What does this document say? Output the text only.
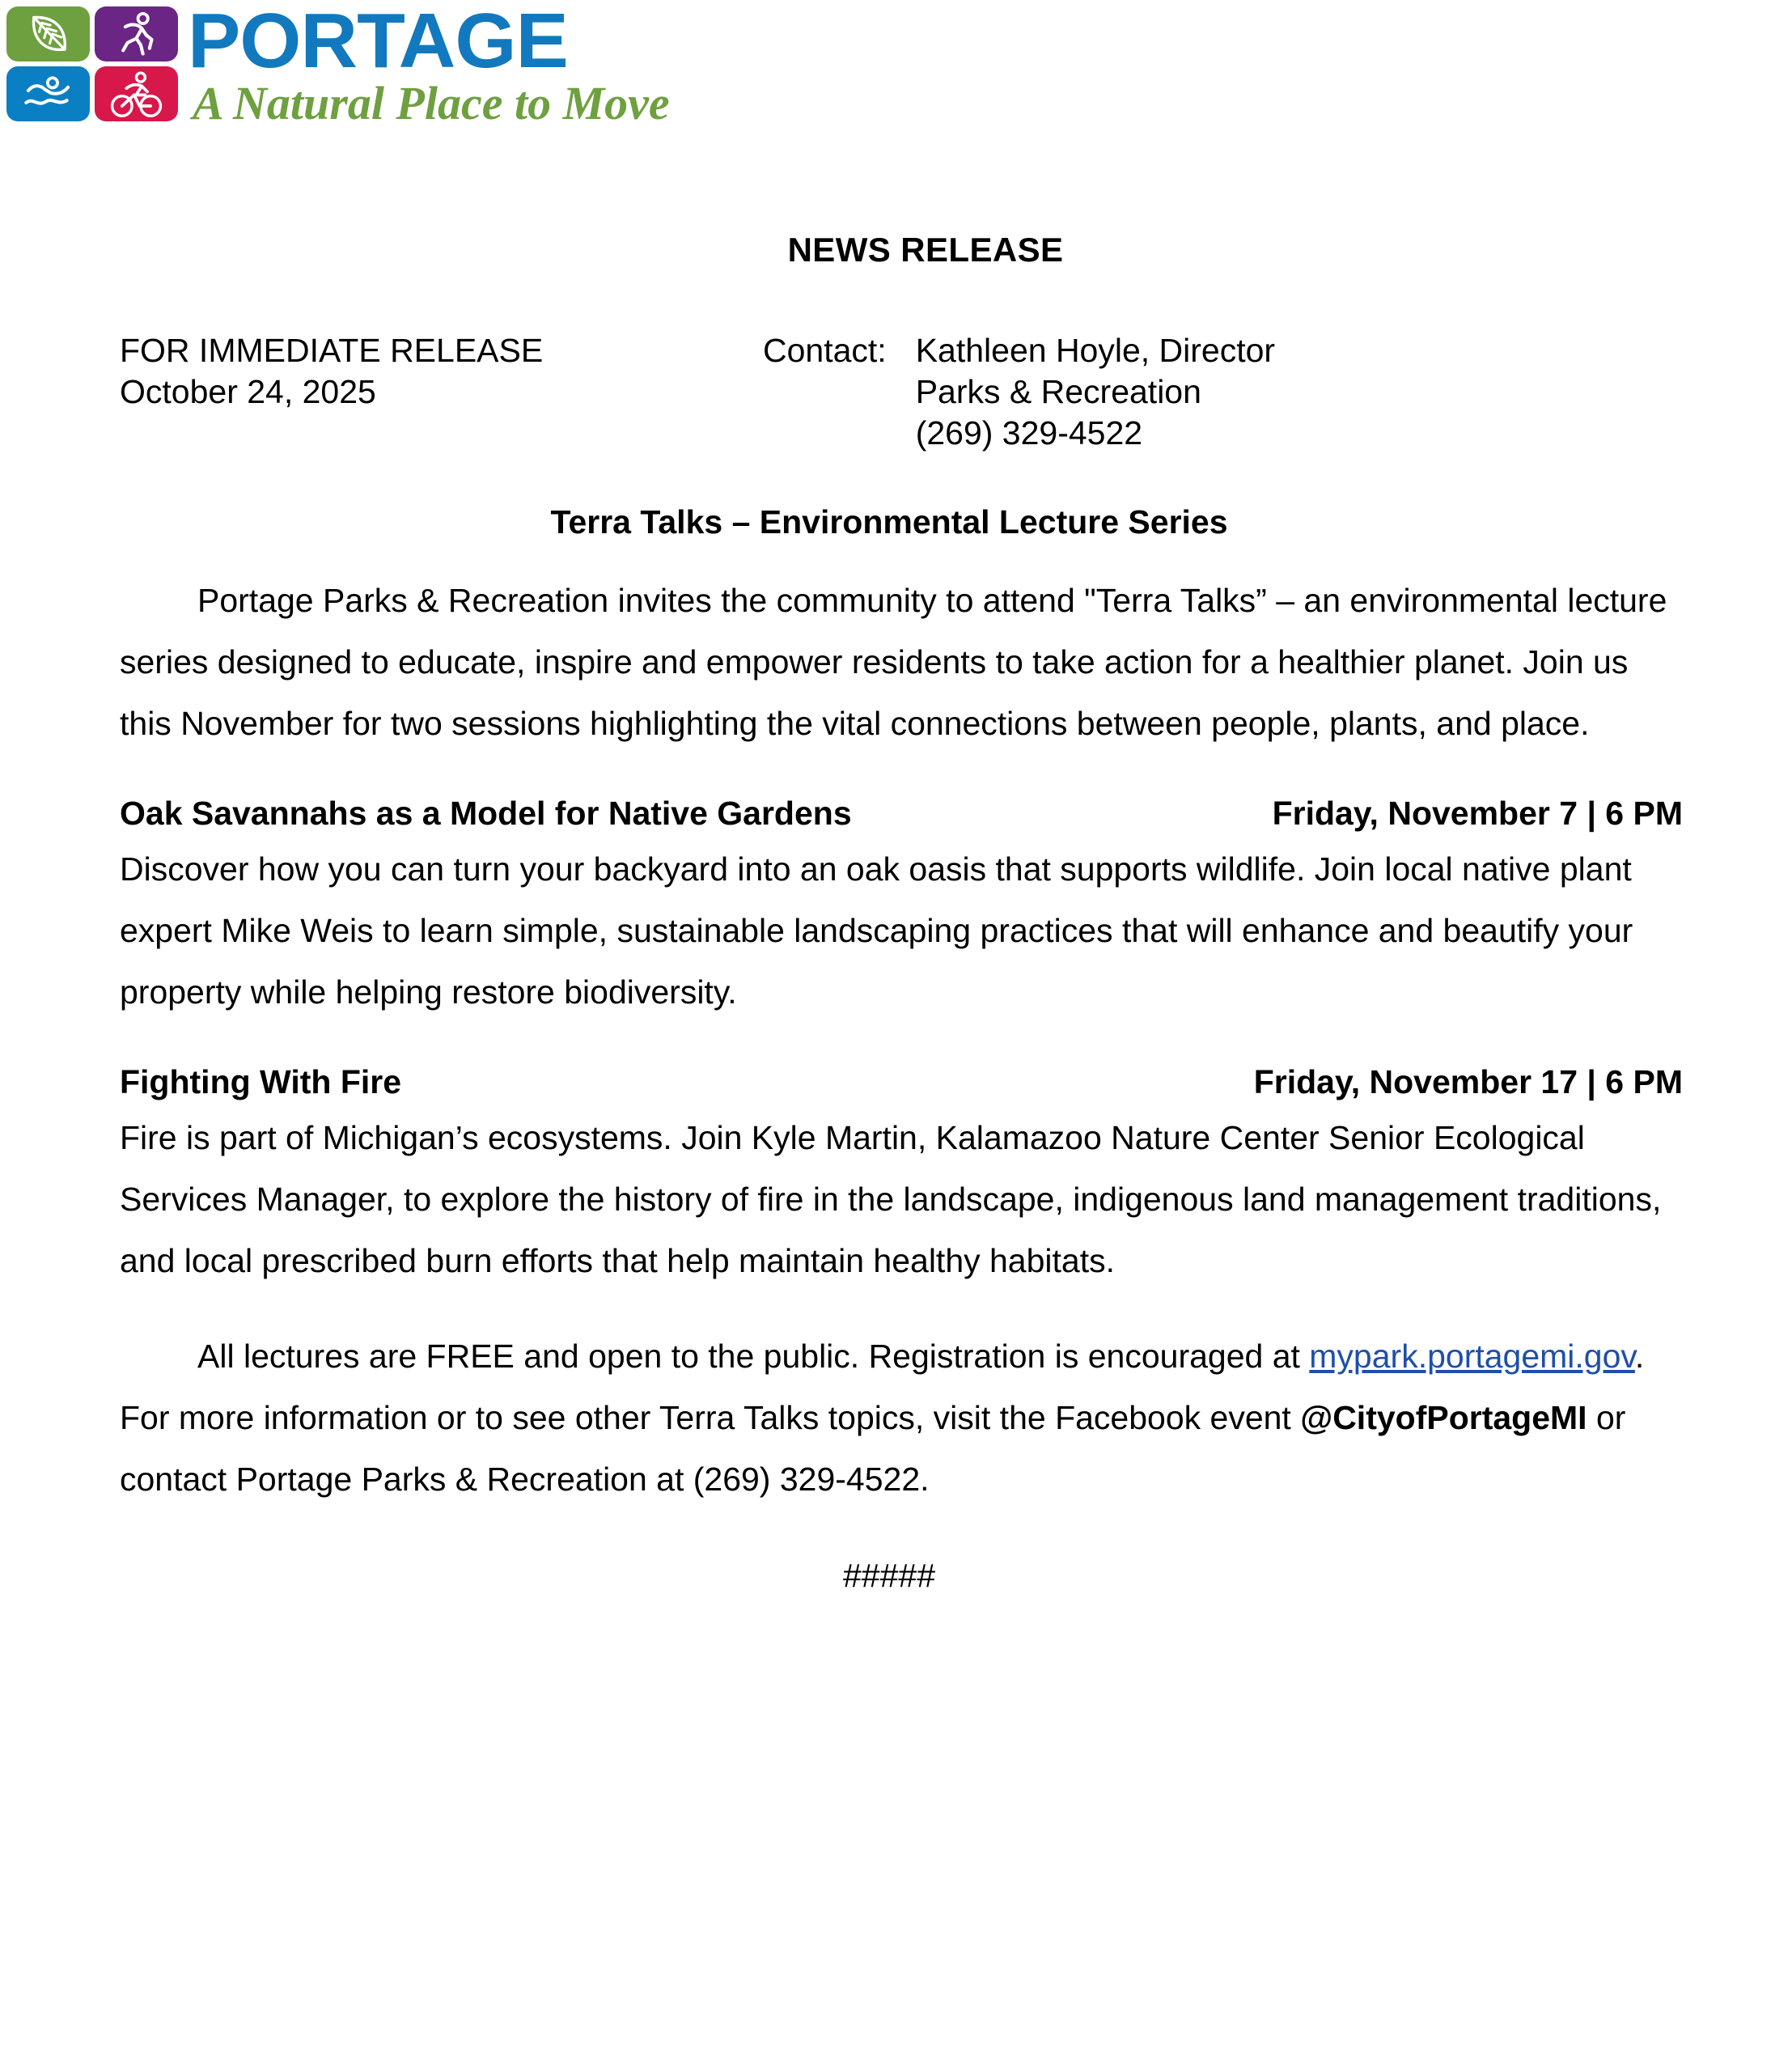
PORTAGE
A Natural Place to Move
NEWS RELEASE
FOR IMMEDIATE RELEASE
October 24, 2025
Contact: Kathleen Hoyle, Director
Parks & Recreation
(269) 329-4522
Terra Talks – Environmental Lecture Series
Portage Parks & Recreation invites the community to attend "Terra Talks” – an environmental lecture series designed to educate, inspire and empower residents to take action for a healthier planet. Join us this November for two sessions highlighting the vital connections between people, plants, and place.
Oak Savannahs as a Model for Native Gardens	Friday, November 7 | 6 PM
Discover how you can turn your backyard into an oak oasis that supports wildlife. Join local native plant expert Mike Weis to learn simple, sustainable landscaping practices that will enhance and beautify your property while helping restore biodiversity.
Fighting With Fire	Friday, November 17 | 6 PM
Fire is part of Michigan’s ecosystems. Join Kyle Martin, Kalamazoo Nature Center Senior Ecological Services Manager, to explore the history of fire in the landscape, indigenous land management traditions, and local prescribed burn efforts that help maintain healthy habitats.
All lectures are FREE and open to the public. Registration is encouraged at mypark.portagemi.gov. For more information or to see other Terra Talks topics, visit the Facebook event @CityofPortageMI or contact Portage Parks & Recreation at (269) 329-4522.
#####
